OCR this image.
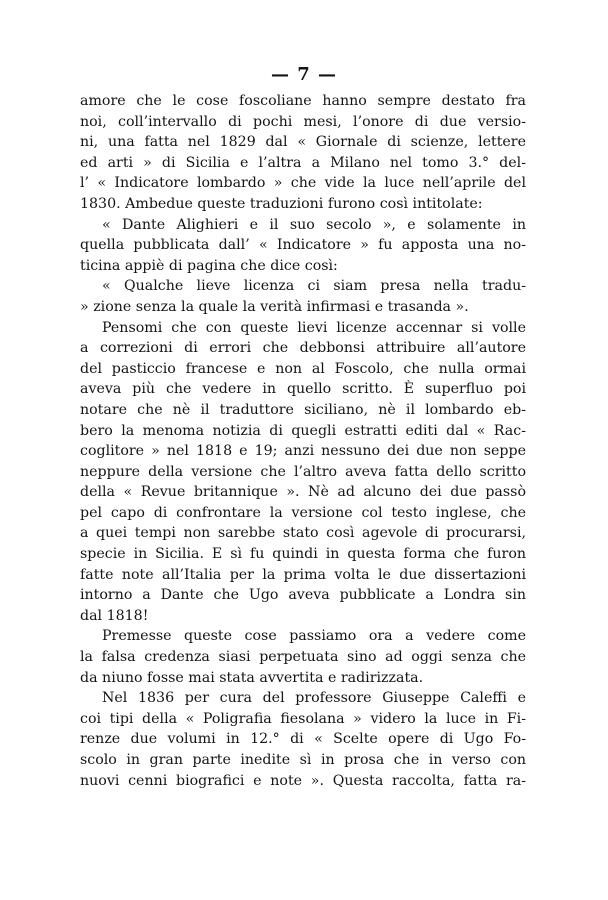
— 7 —
amore che le cose foscoliane hanno sempre destato fra
noi, coll’intervallo di pochi mesi, l’onore di due versio-
ni, una fatta nel 1829 dal « Giornale di scienze, lettere
ed arti » di Sicilia e l’altra a Milano nel tomo 3.° del-
l’ « Indicatore lombardo » che vide la luce nell’aprile del
1830. Ambedue queste traduzioni furono così intitolate:
« Dante Alighieri e il suo secolo », e solamente in
quella pubblicata dall’ « Indicatore » fu apposta una no-
ticina appiè di pagina che dice così:
« Qualche lieve licenza ci siam presa nella tradu-
» zione senza la quale la verità infirmasi e trasanda ».
Pensomi che con queste lievi licenze accennar si volle
a correzioni di errori che debbonsi attribuire all’autore
del pasticcio francese e non al Foscolo, che nulla ormai
aveva più che vedere in quello scritto. È superfluo poi
notare che nè il traduttore siciliano, nè il lombardo eb-
bero la menoma notizia di quegli estratti editi dal « Rac-
coglitore » nel 1818 e 19; anzi nessuno dei due non seppe
neppure della versione che l’altro aveva fatta dello scritto
della « Revue britannique ». Nè ad alcuno dei due passò
pel capo di confrontare la versione col testo inglese, che
a quei tempi non sarebbe stato così agevole di procurarsi,
specie in Sicilia. E sì fu quindi in questa forma che furon
fatte note all’Italia per la prima volta le due dissertazioni
intorno a Dante che Ugo aveva pubblicate a Londra sin
dal 1818!
Premesse queste cose passiamo ora a vedere come
la falsa credenza siasi perpetuata sino ad oggi senza che
da niuno fosse mai stata avvertita e radirizzata.
Nel 1836 per cura del professore Giuseppe Caleffi e
coi tipi della « Poligrafia fiesolana » videro la luce in Fi-
renze due volumi in 12.° di « Scelte opere di Ugo Fo-
scolo in gran parte inedite sì in prosa che in verso con
nuovi cenni biografici e note ». Questa raccolta, fatta ra-
